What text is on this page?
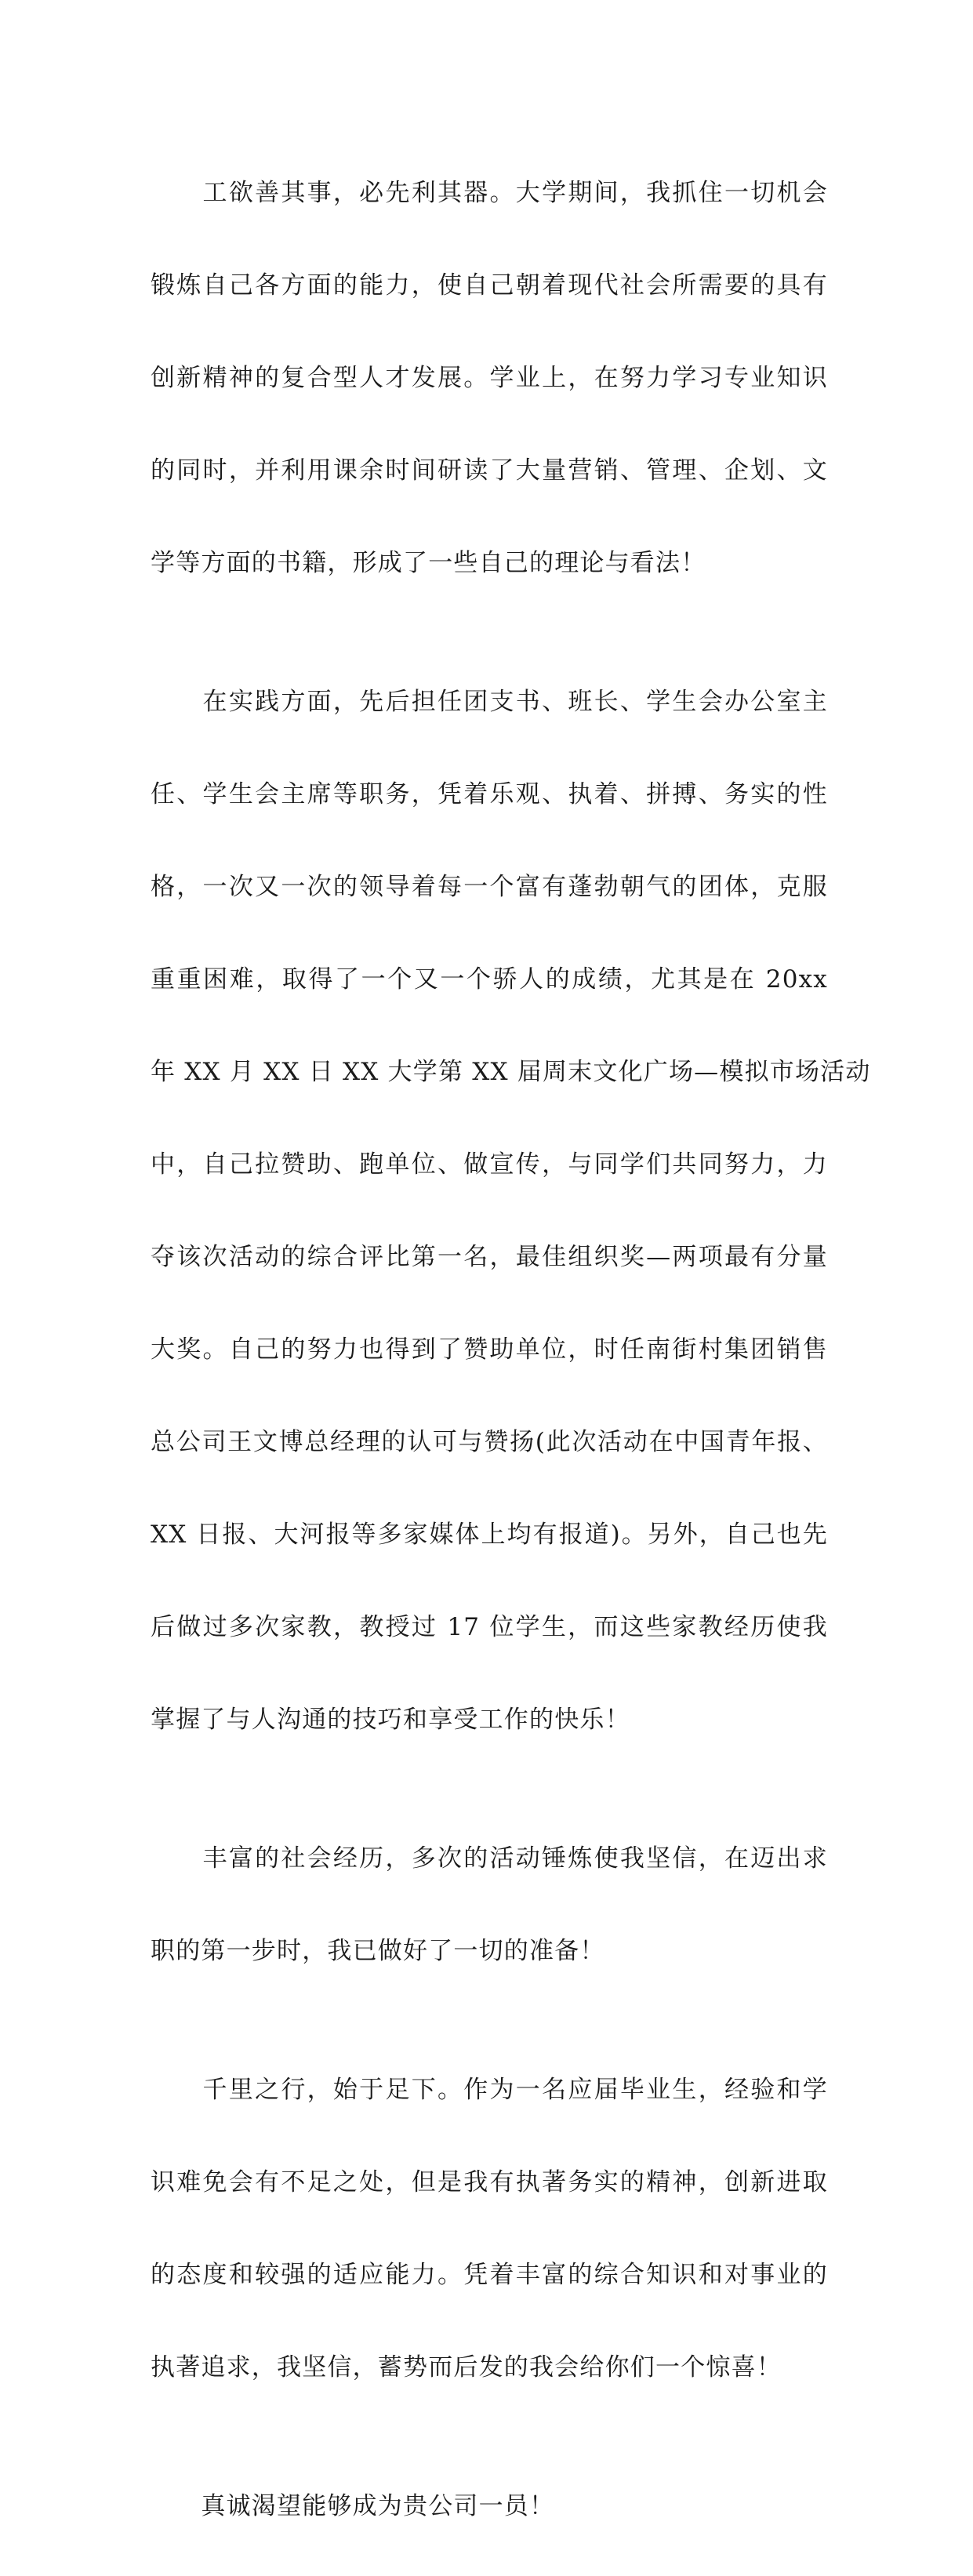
　　工欲善其事，必先利其器。大学期间，我抓住一切机会

锻炼自己各方面的能力，使自己朝着现代社会所需要的具有

创新精神的复合型人才发展。学业上，在努力学习专业知识

的同时，并利用课余时间研读了大量营销、管理、企划、文

学等方面的书籍，形成了一些自己的理论与看法！

　　在实践方面，先后担任团支书、班长、学生会办公室主

任、学生会主席等职务，凭着乐观、执着、拼搏、务实的性

格，一次又一次的领导着每一个富有蓬勃朝气的团体，克服

重重困难，取得了一个又一个骄人的成绩，尤其是在 20xx

年 XX 月 XX 日 XX 大学第 XX 届周末文化广场—模拟市场活动

中，自己拉赞助、跑单位、做宣传，与同学们共同努力，力

夺该次活动的综合评比第一名，最佳组织奖—两项最有分量

大奖。自己的努力也得到了赞助单位，时任南街村集团销售

总公司王文博总经理的认可与赞扬(此次活动在中国青年报、

XX 日报、大河报等多家媒体上均有报道)。另外，自己也先

后做过多次家教，教授过 17 位学生，而这些家教经历使我

掌握了与人沟通的技巧和享受工作的快乐！

　　丰富的社会经历，多次的活动锤炼使我坚信，在迈出求

职的第一步时，我已做好了一切的准备！

　　千里之行，始于足下。作为一名应届毕业生，经验和学

识难免会有不足之处，但是我有执著务实的精神，创新进取

的态度和较强的适应能力。凭着丰富的综合知识和对事业的

执著追求，我坚信，蓄势而后发的我会给你们一个惊喜！

　　真诚渴望能够成为贵公司一员！
